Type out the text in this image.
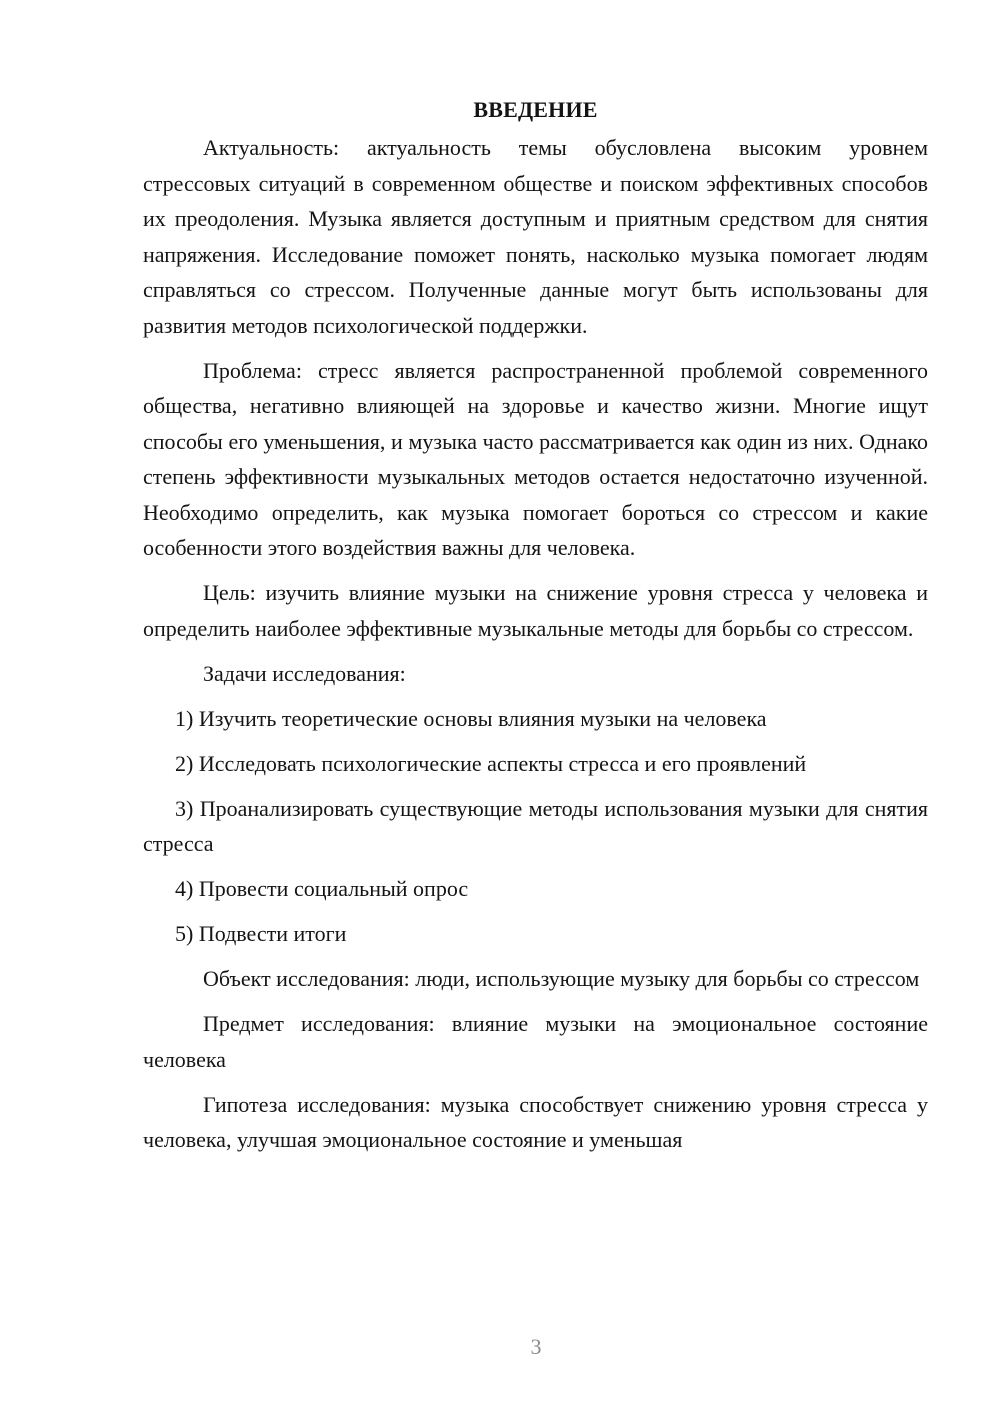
ВВЕДЕНИЕ

Актуальность: актуальность темы обусловлена высоким уровнем стрессовых ситуаций в современном обществе и поиском эффективных способов их преодоления. Музыка является доступным и приятным средством для снятия напряжения. Исследование поможет понять, насколько музыка помогает людям справляться со стрессом. Полученные данные могут быть использованы для развития методов психологической поддержки.

Проблема: стресс является распространенной проблемой современного общества, негативно влияющей на здоровье и качество жизни. Многие ищут способы его уменьшения, и музыка часто рассматривается как один из них. Однако степень эффективности музыкальных методов остается недостаточно изученной. Необходимо определить, как музыка помогает бороться со стрессом и какие особенности этого воздействия важны для человека.

Цель: изучить влияние музыки на снижение уровня стресса у человека и определить наиболее эффективные музыкальные методы для борьбы со стрессом.

Задачи исследования:

1) Изучить теоретические основы влияния музыки на человека

2) Исследовать психологические аспекты стресса и его проявлений

3) Проанализировать существующие методы использования музыки для снятия стресса

4) Провести социальный опрос

5) Подвести итоги

Объект исследования: люди, использующие музыку для борьбы со стрессом

Предмет исследования: влияние музыки на эмоциональное состояние человека

Гипотеза исследования: музыка способствует снижению уровня стресса у человека, улучшая эмоциональное состояние и уменьшая

3
